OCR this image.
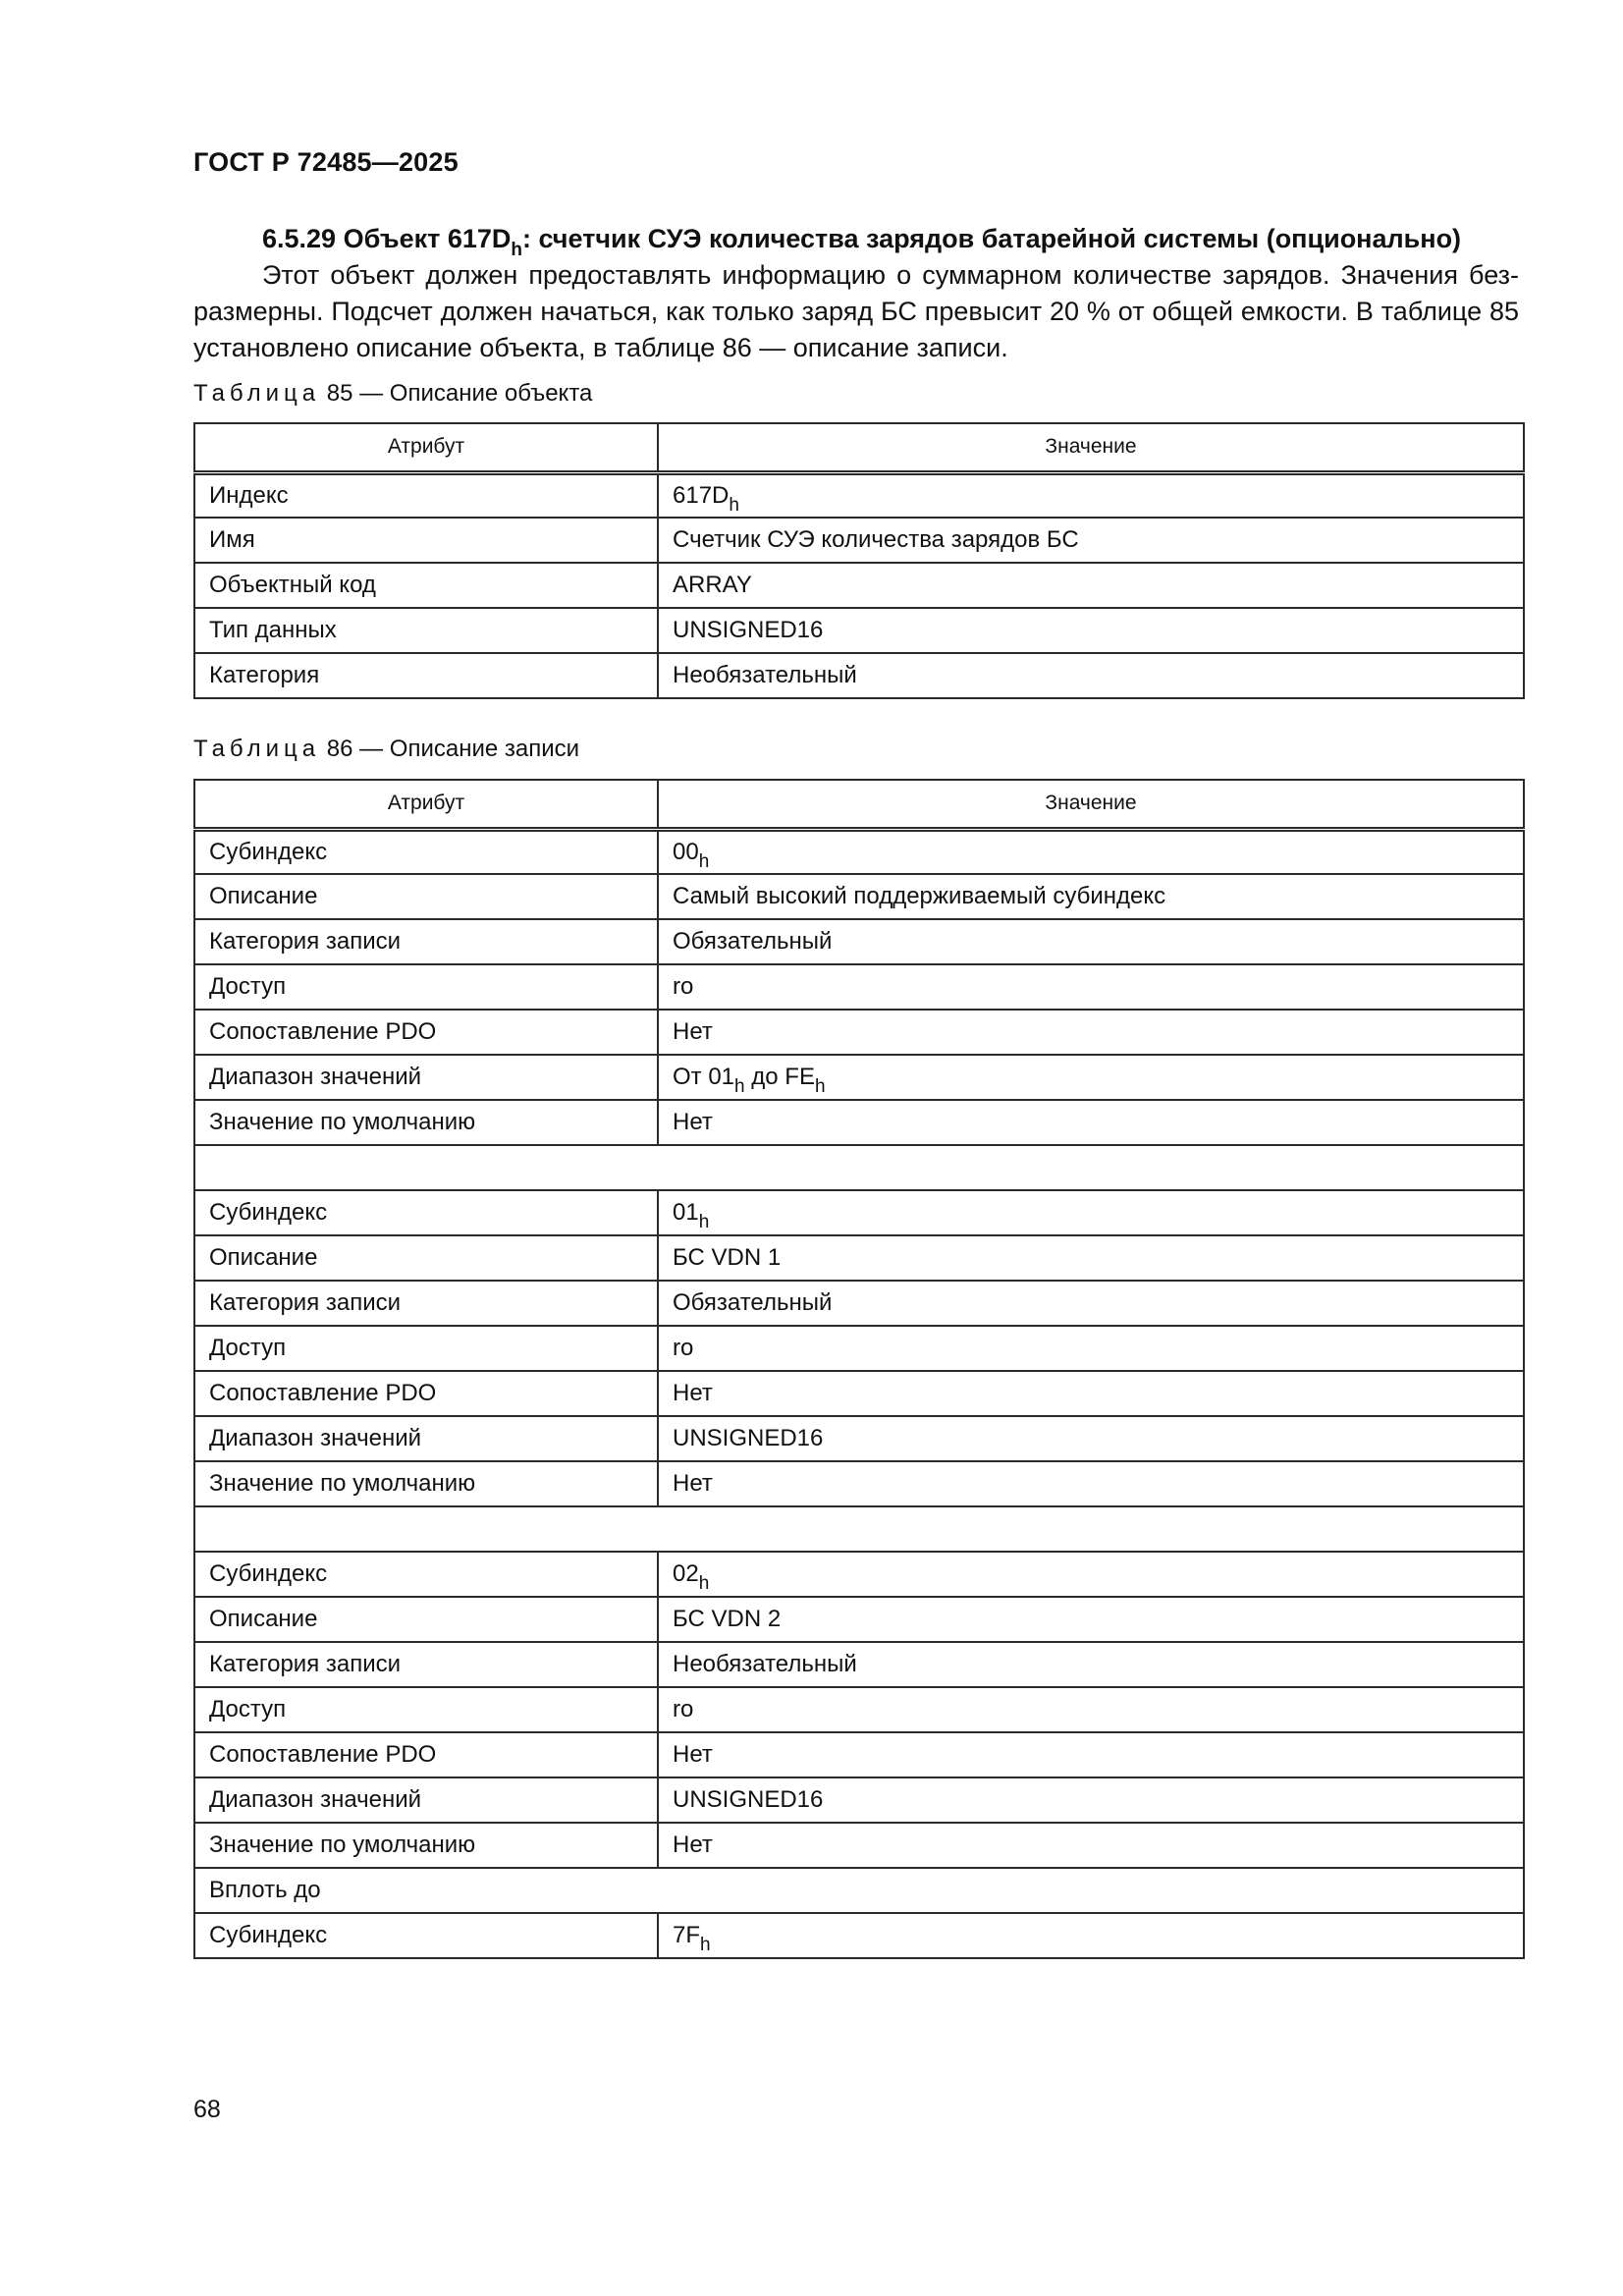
ГОСТ Р 72485—2025
6.5.29 Объект $617D_h$: счетчик СУЭ количества зарядов батарейной системы (опционально)
Этот объект должен предоставлять информацию о суммарном количестве зарядов. Значения безразмерны. Подсчет должен начаться, как только заряд БС превысит 20 % от общей емкости. В таблице 85 установлено описание объекта, в таблице 86 — описание записи.
Таблица 85 — Описание объекта
Атрибут	Значение
Индекс	$617D_h$
Имя	Счетчик СУЭ количества зарядов БС
Объектный код	ARRAY
Тип данных	UNSIGNED16
Категория	Необязательный
Таблица 86 — Описание записи
Атрибут	Значение
Субиндекс	$00_h$
Описание	Самый высокий поддерживаемый субиндекс
Категория записи	Обязательный
Доступ	ro
Сопоставление PDO	Нет
Диапазон значений	От $01_h$ до $FE_h$
Значение по умолчанию	Нет

Субиндекс	$01_h$
Описание	БС VDN 1
Категория записи	Обязательный
Доступ	ro
Сопоставление PDO	Нет
Диапазон значений	UNSIGNED16
Значение по умолчанию	Нет

Субиндекс	$02_h$
Описание	БС VDN 2
Категория записи	Необязательный
Доступ	ro
Сопоставление PDO	Нет
Диапазон значений	UNSIGNED16
Значение по умолчанию	Нет
Вплоть до	
Субиндекс	$7F_h$
68
